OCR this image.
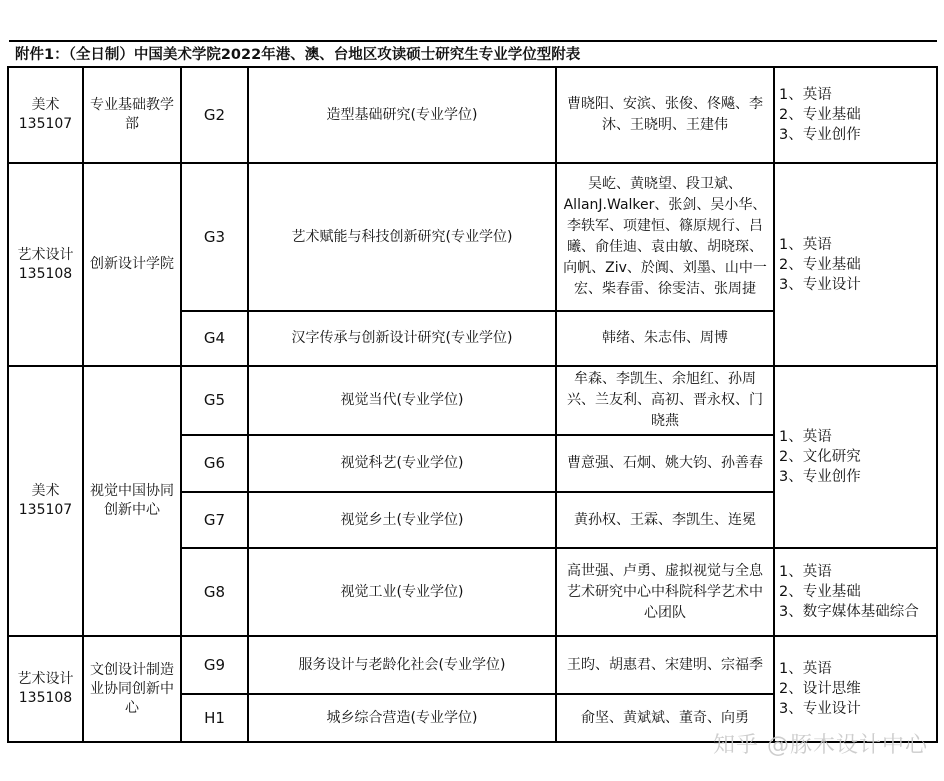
附件1：（全日制）中国美术学院2022年港、澳、台地区攻读硕士研究生专业学位型附表
美术
135107	专业基础教学部	G2	造型基础研究(专业学位)	曹晓阳、安滨、张俊、佟飚、李沐、王晓明、王建伟	1、英语
2、专业基础
3、专业创作

艺术设计
135108	创新设计学院	G3	艺术赋能与科技创新研究(专业学位)	吴屹、黄晓望、段卫斌、AllanJ.Walker、张剑、吴小华、李轶军、项建恒、篠原规行、吕曦、俞佳迪、袁由敏、胡晓琛、向帆、Ziv、於阗、刘墨、山中一宏、柴春雷、徐雯洁、张周捷	1、英语
2、专业基础
3、专业设计

		G4	汉字传承与创新设计研究(专业学位)	韩绪、朱志伟、周博	
美术
135107	视觉中国协同创新中心	G5	视觉当代(专业学位)	牟森、李凯生、余旭红、孙周兴、兰友利、高初、晋永权、门晓燕	1、英语
2、文化研究
3、专业创作

		G6	视觉科艺(专业学位)	曹意强、石炯、姚大钧、孙善春	
		G7	视觉乡土(专业学位)	黄孙权、王霖、李凯生、连冕	
		G8	视觉工业(专业学位)	高世强、卢勇、虚拟视觉与全息艺术研究中心中科院科学艺术中心团队	1、英语
2、专业基础
3、数字媒体基础综合

艺术设计
135108	文创设计制造业协同创新中心	G9	服务设计与老龄化社会(专业学位)	王昀、胡惠君、宋建明、宗福季	1、英语
2、设计思维
3、专业设计

		H1	城乡综合营造(专业学位)	俞坚、黄斌斌、董奇、向勇	
知乎 @豚木设计中心
